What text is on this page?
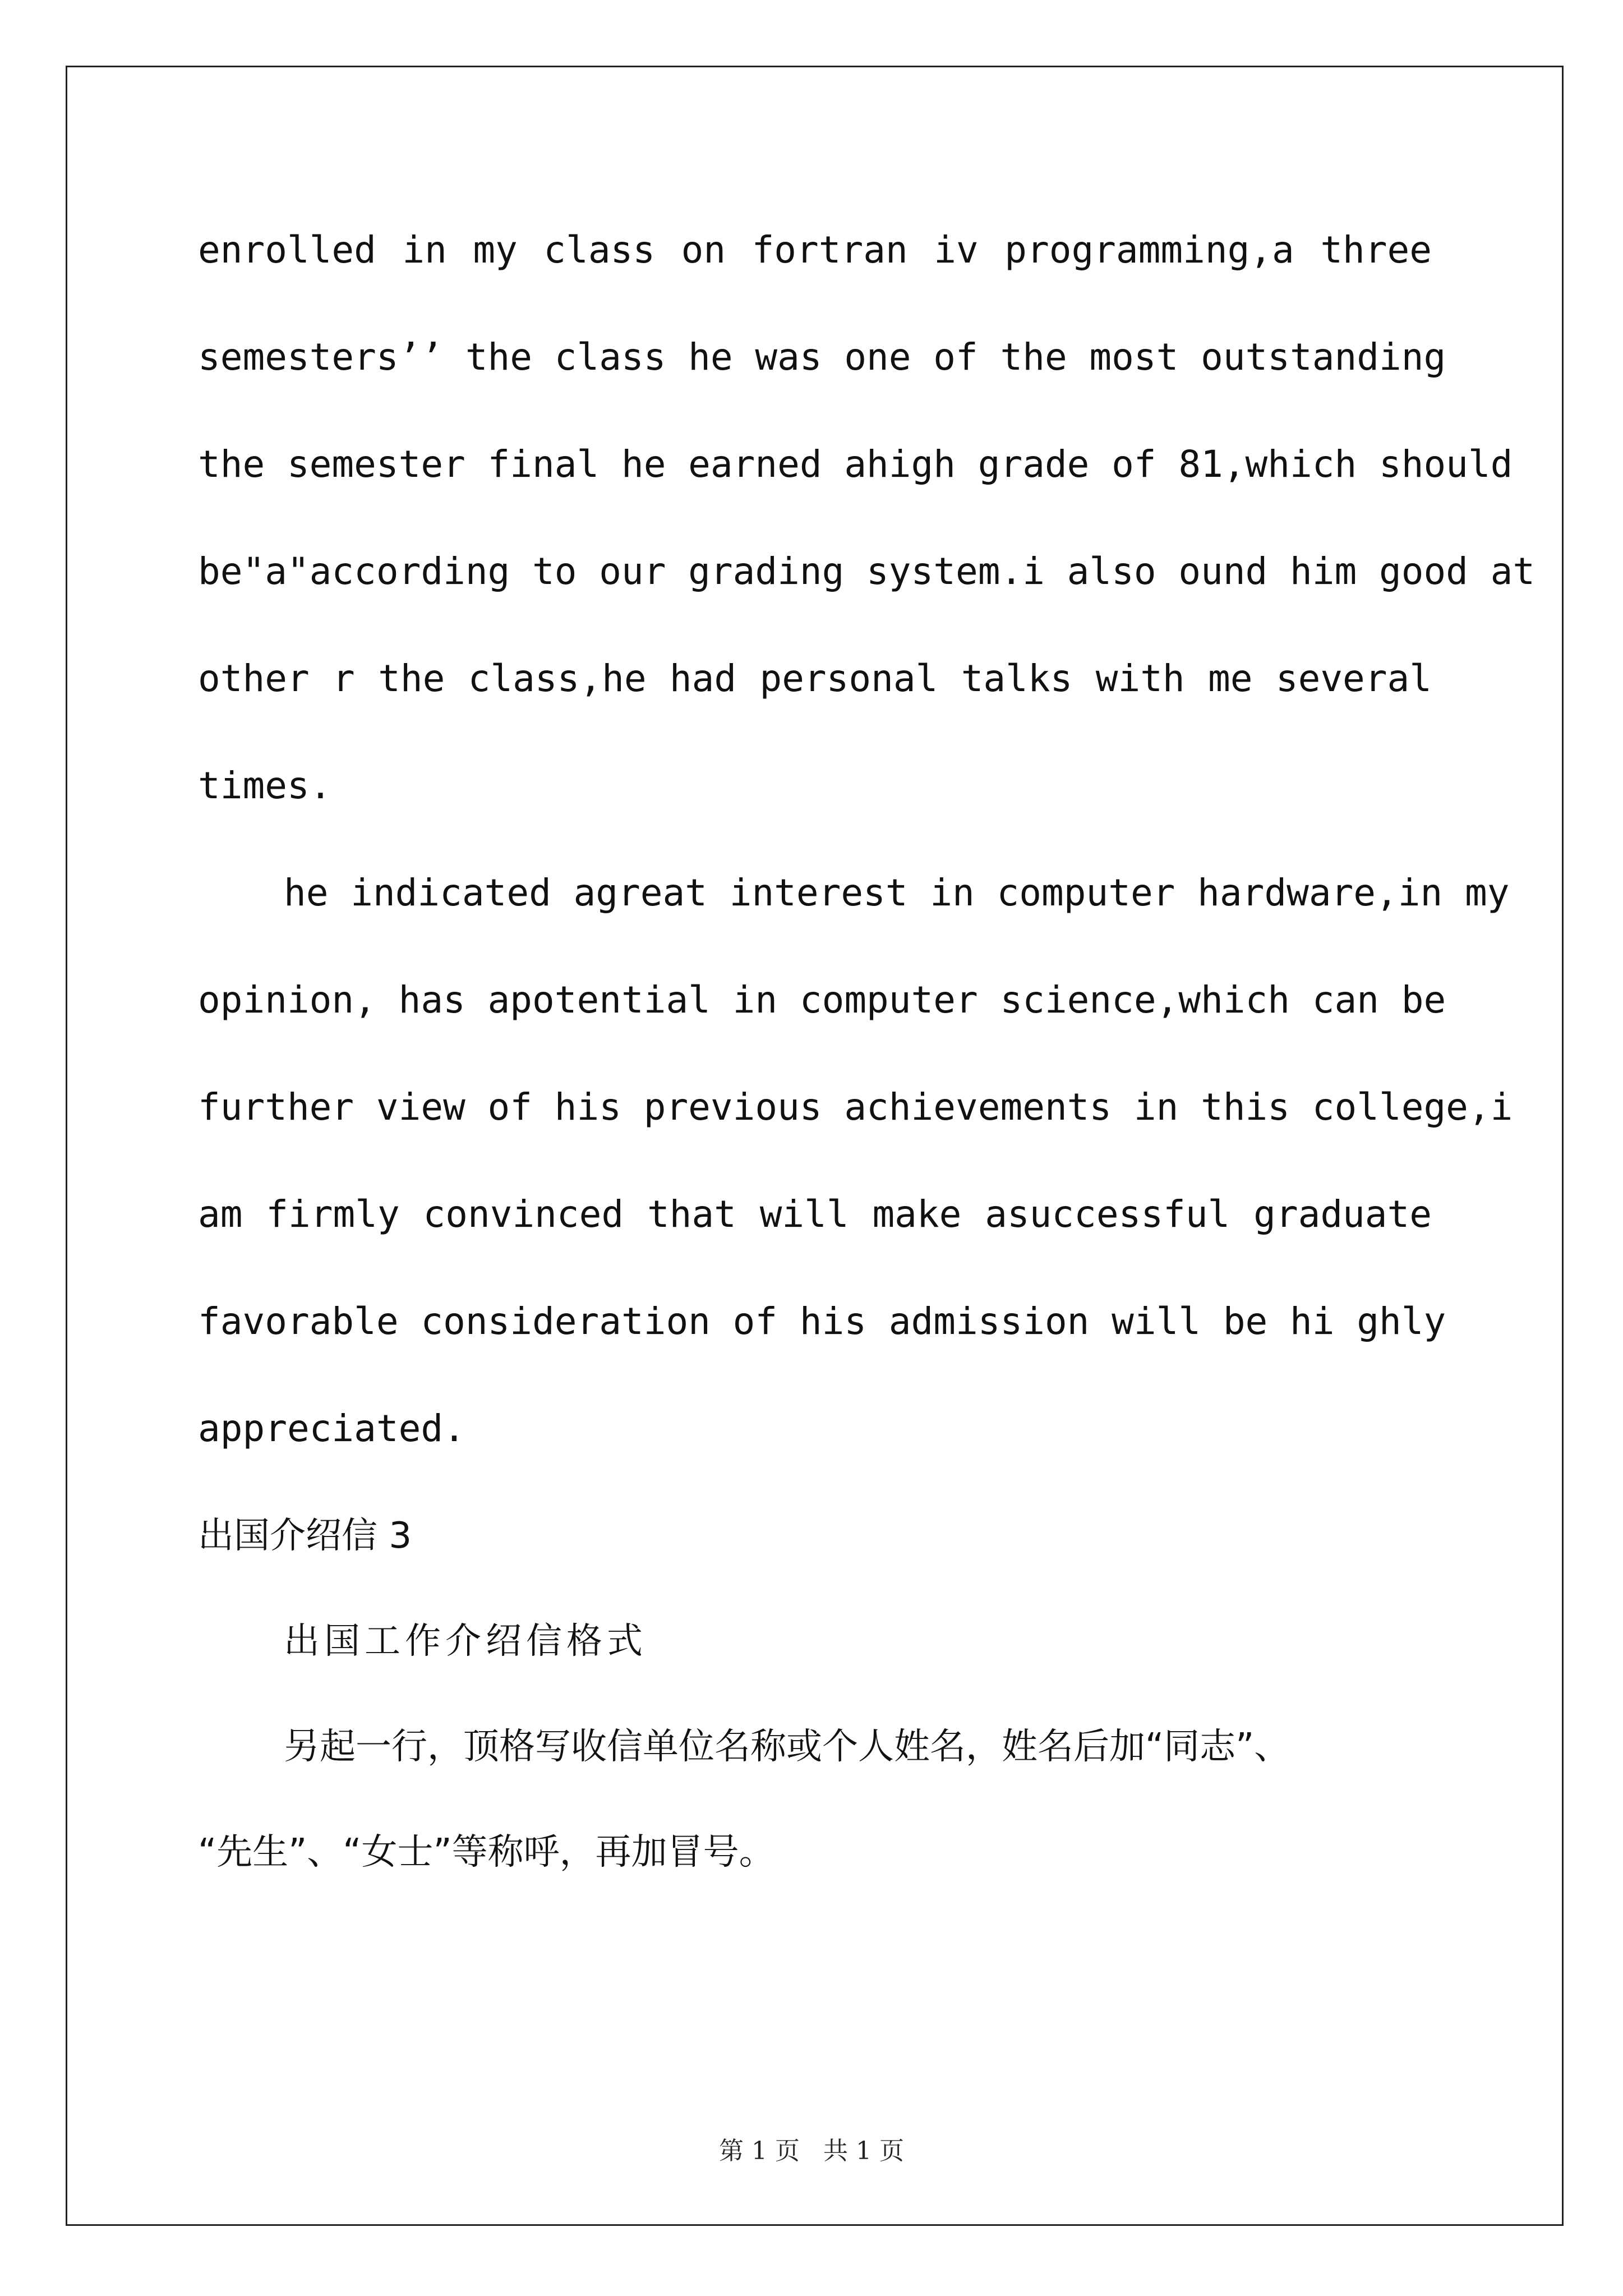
enrolled in my class on fortran iv programming,a three

semesters’’ the class he was one of the most outstanding

the semester final he earned ahigh grade of 81,which should

be"a"according to our grading system.i also ound him good at

other r the class,he had personal talks with me several

times.

he indicated agreat interest in computer hardware,in my

opinion, has apotential in computer science,which can be

further view of his previous achievements in this college,i

am firmly convinced that will make asuccessful graduate

favorable consideration of his admission will be hi ghly

appreciated.

出国介绍信 3

出国工作介绍信格式

另起一行，顶格写收信单位名称或个人姓名，姓名后加“同志”、

“先生”、“女士”等称呼，再加冒号。

第 1 页   共 1 页
